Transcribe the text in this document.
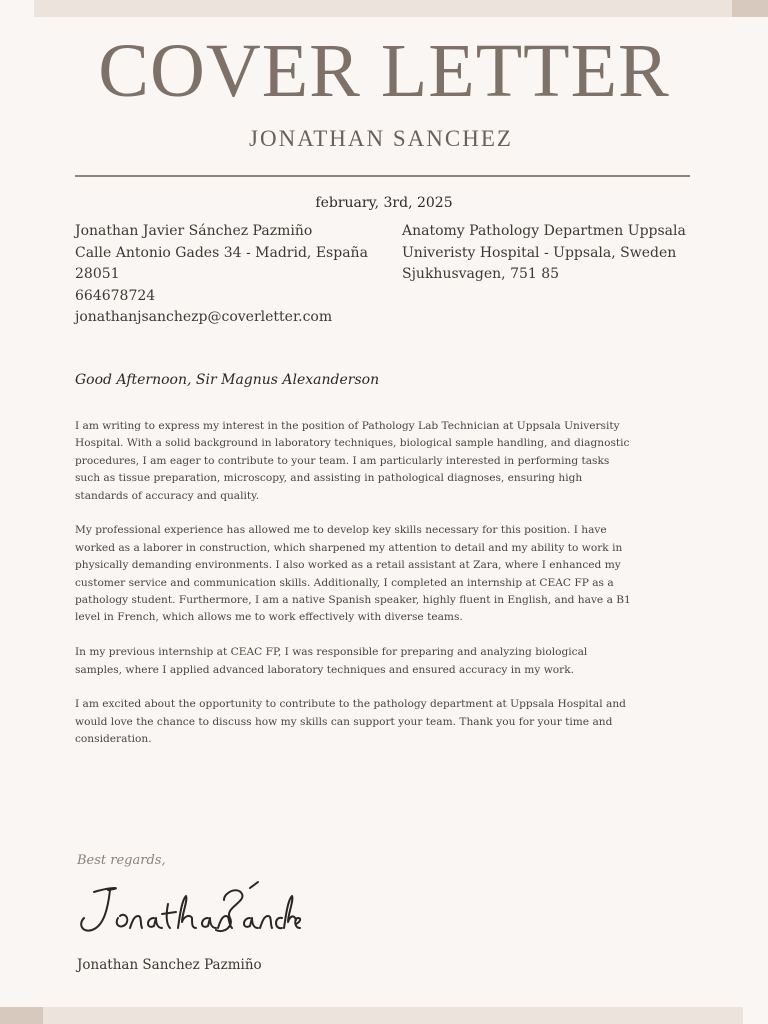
COVER LETTER
JONATHAN SANCHEZ
february, 3rd, 2025
Jonathan Javier Sánchez Pazmiño
Calle Antonio Gades 34 - Madrid, España
28051
664678724
jonathanjsanchezp@coverletter.com
Anatomy Pathology Departmen Uppsala
Univeristy Hospital - Uppsala, Sweden
Sjukhusvagen, 751 85
Good Afternoon, Sir Magnus Alexanderson

I am writing to express my interest in the position of Pathology Lab Technician at Uppsala University Hospital. With a solid background in laboratory techniques, biological sample handling, and diagnostic procedures, I am eager to contribute to your team. I am particularly interested in performing tasks such as tissue preparation, microscopy, and assisting in pathological diagnoses, ensuring high standards of accuracy and quality.

My professional experience has allowed me to develop key skills necessary for this position. I have worked as a laborer in construction, which sharpened my attention to detail and my ability to work in physically demanding environments. I also worked as a retail assistant at Zara, where I enhanced my customer service and communication skills. Additionally, I completed an internship at CEAC FP as a pathology student. Furthermore, I am a native Spanish speaker, highly fluent in English, and have a B1 level in French, which allows me to work effectively with diverse teams.

In my previous internship at CEAC FP, I was responsible for preparing and analyzing biological samples, where I applied advanced laboratory techniques and ensured accuracy in my work.

I am excited about the opportunity to contribute to the pathology department at Uppsala Hospital and would love the chance to discuss how my skills can support your team. Thank you for your time and consideration.

Best regards,
Jonathan Sanchez Pazmiño
